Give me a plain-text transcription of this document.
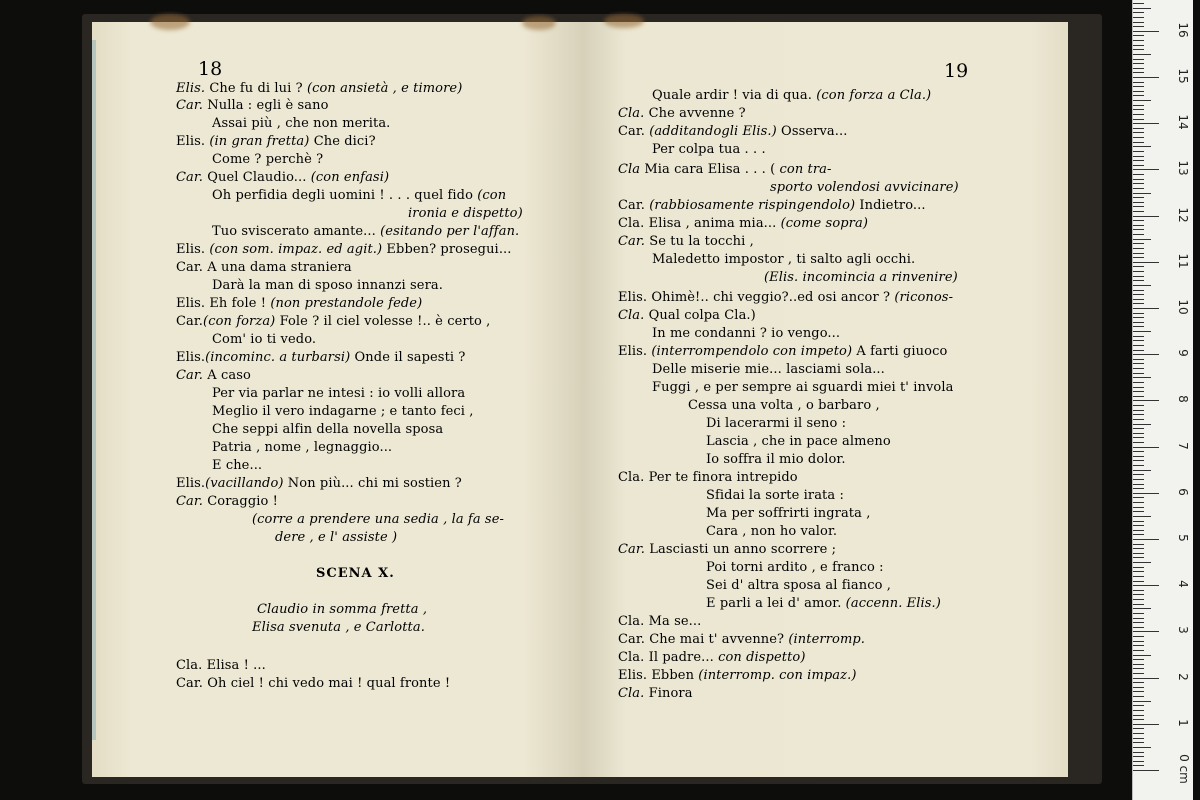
18	19
Elis. Che fu di lui ? (con ansietà , e timore)
Car. Nulla : egli è sano
Assai più , che non merita.
Elis. (in gran fretta) Che dici?
Come ? perchè ?
Car. Quel Claudio... (con enfasi)
Oh perfidia degli uomini ! . . . quel fido (con
ironia e dispetto)
Tuo sviscerato amante... (esitando per l'affan.
Elis. (con som. impaz. ed agit.) Ebben? prosegui...
Car. A una dama straniera
Darà la man di sposo innanzi sera.
Elis. Eh fole ! (non prestandole fede)
Car.(con forza) Fole ? il ciel volesse !.. è certo ,
Com' io ti vedo.
Elis.(incominc. a turbarsi) Onde il sapesti ?
Car. A caso
Per via parlar ne intesi : io volli allora
Meglio il vero indagarne ; e tanto feci ,
Che seppi alfin della novella sposa
Patria , nome , legnaggio...
E che...
Elis.(vacillando) Non più... chi mi sostien ?
Car. Coraggio !
(corre a prendere una sedia , la fa se-
dere , e l' assiste )
SCENA X.
Claudio in somma fretta ,
Elisa svenuta , e Carlotta.
Cla. Elisa ! ...
Car. Oh ciel ! chi vedo mai ! qual fronte !
Quale ardir ! via di qua. (con forza a Cla.)
Cla. Che avvenne ?
Car. (additandogli Elis.) Osserva...
Per colpa tua . . .
Cla Mia cara Elisa . . . ( con tra-
sporto volendosi avvicinare)
Car. (rabbiosamente rispingendolo) Indietro...
Cla. Elisa , anima mia... (come sopra)
Car. Se tu la tocchi ,
Maledetto impostor , ti salto agli occhi.
(Elis. incomincia a rinvenire)
Elis. Ohimè!.. chi veggio?..ed osi ancor ? (riconos-
Cla. Qual colpa Cla.)
In me condanni ? io vengo...
Elis. (interrompendolo con impeto) A farti giuoco
Delle miserie mie... lasciami sola...
Fuggi , e per sempre ai sguardi miei t' invola
Cessa una volta , o barbaro ,
Di lacerarmi il seno :
Lascia , che in pace almeno
Io soffra il mio dolor.
Cla. Per te finora intrepido
Sfidai la sorte irata :
Ma per soffrirti ingrata ,
Cara , non ho valor.
Car. Lasciasti un anno scorrere ;
Poi torni ardito , e franco :
Sei d' altra sposa al fianco ,
E parli a lei d' amor. (accenn. Elis.)
Cla. Ma se...
Car. Che mai t' avvenne? (interromp.
Cla. Il padre... con dispetto)
Elis. Ebben (interromp. con impaz.)
Cla. Finora
0 cm
1
2
3
4
5
6
7
8
9
10
11
12
13
14
15
16
